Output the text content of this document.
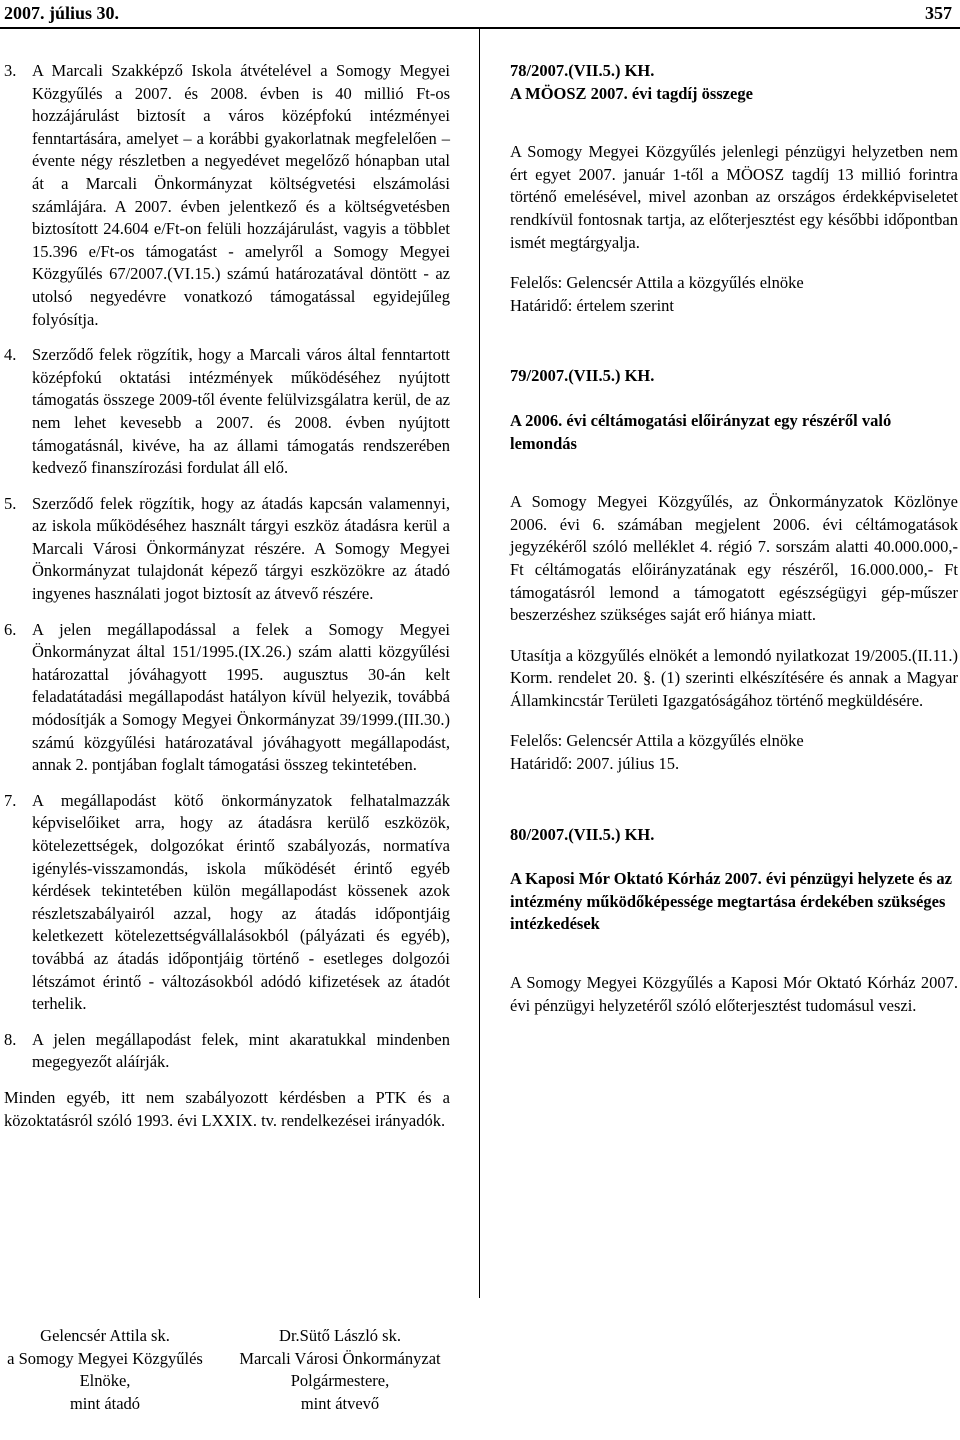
2007. július 30.	357
3. A Marcali Szakképző Iskola átvételével a Somogy Megyei Közgyűlés a 2007. és 2008. évben is 40 millió Ft-os hozzájárulást biztosít a város középfokú intézményei fenntartására, amelyet – a korábbi gyakorlatnak megfelelően – évente négy részletben a negyedévet megelőző hónapban utal át a Marcali Önkormányzat költségvetési elszámolási számlájára. A 2007. évben jelentkező és a költségvetésben biztosított 24.604 e/Ft-on felüli hozzájárulást, vagyis a többlet 15.396 e/Ft-os támogatást - amelyről a Somogy Megyei Közgyűlés 67/2007.(VI.15.) számú határozatával döntött - az utolsó negyedévre vonatkozó támogatással egyidejűleg folyósítja.
4. Szerződő felek rögzítik, hogy a Marcali város által fenntartott középfokú oktatási intézmények működéséhez nyújtott támogatás összege 2009-től évente felülvizsgálatra kerül, de az nem lehet kevesebb a 2007. és 2008. évben nyújtott támogatásnál, kivéve, ha az állami támogatás rendszerében kedvező finanszírozási fordulat áll elő.
5. Szerződő felek rögzítik, hogy az átadás kapcsán valamennyi, az iskola működéséhez használt tárgyi eszköz átadásra kerül a Marcali Városi Önkormányzat részére. A Somogy Megyei Önkormányzat tulajdonát képező tárgyi eszközökre az átadó ingyenes használati jogot biztosít az átvevő részére.
6. A jelen megállapodással a felek a Somogy Megyei Önkormányzat által 151/1995.(IX.26.) szám alatti közgyűlési határozattal jóváhagyott 1995. augusztus 30-án kelt feladatátadási megállapodást hatályon kívül helyezik, továbbá módosítják a Somogy Megyei Önkormányzat 39/1999.(III.30.) számú közgyűlési határozatával jóváhagyott megállapodást, annak 2. pontjában foglalt támogatási összeg tekintetében.
7. A megállapodást kötő önkormányzatok felhatalmazzák képviselőiket arra, hogy az átadásra kerülő eszközök, kötelezettségek, dolgozókat érintő szabályozás, normatíva igénylés-visszamondás, iskola működését érintő egyéb kérdések tekintetében külön megállapodást kössenek azok részletszabályairól azzal, hogy az átadás időpontjáig keletkezett kötelezettségvállalásokból (pályázati és egyéb), továbbá az átadás időpontjáig történő - esetleges dolgozói létszámot érintő - változásokból adódó kifizetések az átadót terhelik.
8. A jelen megállapodást felek, mint akaratukkal mindenben megegyezőt aláírják.
Minden egyéb, itt nem szabályozott kérdésben a PTK és a közoktatásról szóló 1993. évi LXXIX. tv. rendelkezései irányadók.
Gelencsér Attila sk.
a Somogy Megyei Közgyűlés Elnöke,
mint átadó
Dr.Sütő László sk.
Marcali Városi Önkormányzat Polgármestere,
mint átvevő
78/2007.(VII.5.) KH.
A MÖOSZ 2007. évi tagdíj összege
A Somogy Megyei Közgyűlés jelenlegi pénzügyi helyzetben nem ért egyet 2007. január 1-től a MÖOSZ tagdíj 13 millió forintra történő emelésével, mivel azonban az országos érdekképviseletet rendkívül fontosnak tartja, az előterjesztést egy későbbi időpontban ismét megtárgyalja.
Felelős: Gelencsér Attila a közgyűlés elnöke
Határidő: értelem szerint
79/2007.(VII.5.) KH.
A 2006. évi céltámogatási előirányzat egy részéről való lemondás
A Somogy Megyei Közgyűlés, az Önkormányzatok Közlönye 2006. évi 6. számában megjelent 2006. évi céltámogatások jegyzékéről szóló melléklet 4. régió 7. sorszám alatti 40.000.000,-Ft céltámogatás előirányzatának egy részéről, 16.000.000,- Ft támogatásról lemond a támogatott egészségügyi gép-műszer beszerzéshez szükséges saját erő hiánya miatt.
Utasítja a közgyűlés elnökét a lemondó nyilatkozat 19/2005.(II.11.) Korm. rendelet 20. §. (1) szerinti elkészítésére és annak a Magyar Államkincstár Területi Igazgatóságához történő megküldésére.
Felelős: Gelencsér Attila a közgyűlés elnöke
Határidő: 2007. július 15.
80/2007.(VII.5.) KH.
A Kaposi Mór Oktató Kórház 2007. évi pénzügyi helyzete és az intézmény működőképessége megtartása érdekében szükséges intézkedések
A Somogy Megyei Közgyűlés a Kaposi Mór Oktató Kórház 2007. évi pénzügyi helyzetéről szóló előterjesztést tudomásul veszi.
